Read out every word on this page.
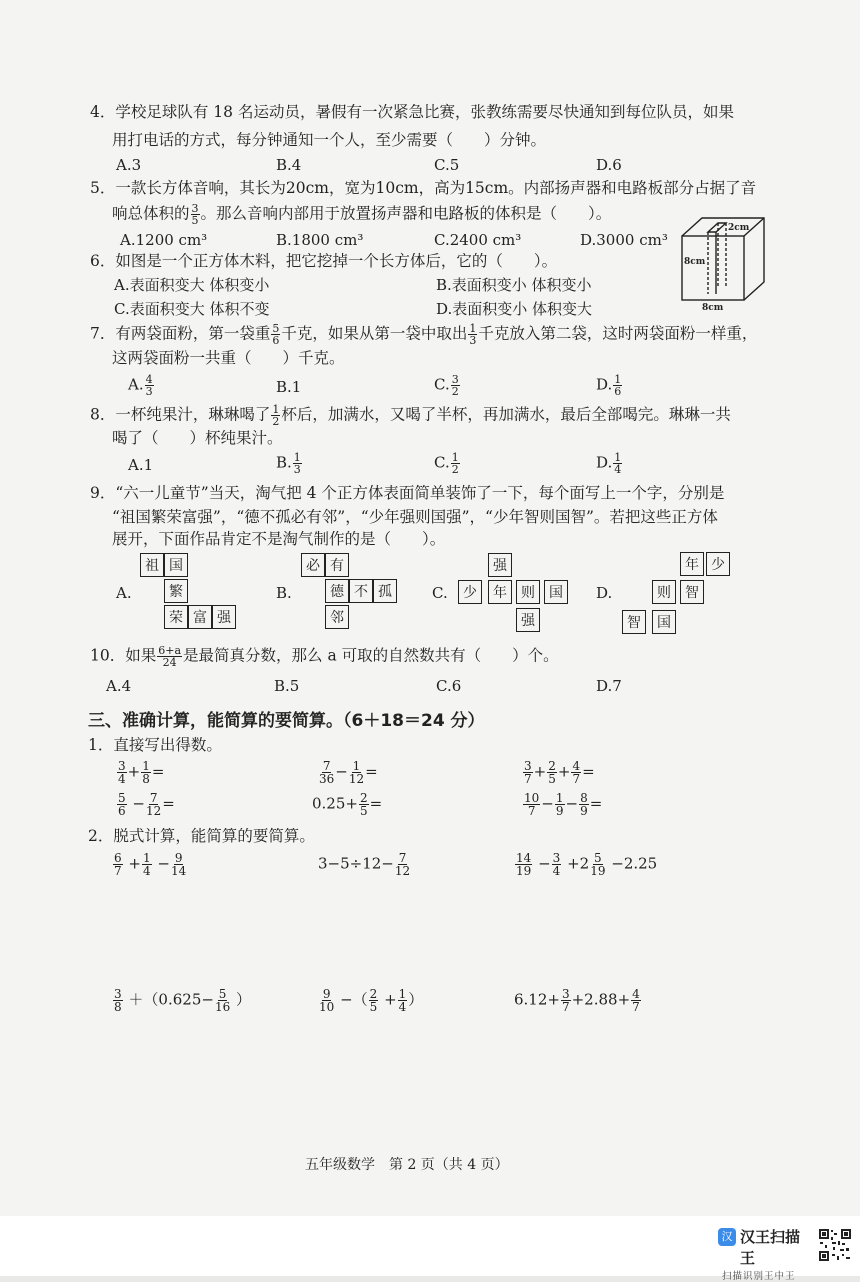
4．学校足球队有 18 名运动员，暑假有一次紧急比赛，张教练需要尽快通知到每位队员，如果
用打电话的方式，每分钟通知一个人，至少需要（　　）分钟。
A.3	B.4	C.5	D.6
5．一款长方体音响，其长为20cm，宽为10cm，高为15cm。内部扬声器和电路板部分占据了音
响总体积的 $\frac{3}{5}$ 。那么音响内部用于放置扬声器和电路板的体积是（　　）。
A.1200 cm³	B.1800 cm³	C.2400 cm³	D.3000 cm³
6．如图是一个正方体木料，把它挖掉一个长方体后，它的（　　）。
A.表面积变大 体积变小	B.表面积变小 体积变小
C.表面积变大 体积不变	D.表面积变小 体积变大
2cm
8cm
8cm
7．有两袋面粉，第一袋重 $\frac{5}{6}$ 千克，如果从第一袋中取出 $\frac{1}{3}$ 千克放入第二袋，这时两袋面粉一样重，
这两袋面粉一共重（　　）千克。
A. $\frac{4}{3}$	B.1	C. $\frac{3}{2}$	D. $\frac{1}{6}$
8．一杯纯果汁，琳琳喝了 $\frac{1}{2}$ 杯后，加满水，又喝了半杯，再加满水，最后全部喝完。琳琳一共
喝了（　　）杯纯果汁。
A.1	B. $\frac{1}{3}$	C. $\frac{1}{2}$	D. $\frac{1}{4}$
9．“六一儿童节”当天，淘气把 4 个正方体表面简单装饰了一下，每个面写上一个字，分别是
“祖国繁荣富强”，“德不孤必有邻”，“少年强则国强”，“少年智则国智”。若把这些正方体
展开，下面作品肯定不是淘气制作的是（　　）。
A.
祖 国
繁
荣 富 强
B.
必 有
德 不 孤
邻
C.
强
少	年	则	国
强
D.
年 少
则	智
智	国
10．如果 $\frac{6+a}{24}$ 是最简真分数，那么 a 可取的自然数共有（　　）个。
A.4	B.5	C.6	D.7
三、准确计算，能简算的要简算。（6＋18＝24 分）
1．直接写出得数。
$\frac{3}{4} + \frac{1}{8}$ =	$\frac{7}{36} - \frac{1}{12}$ =	$\frac{3}{7} + \frac{2}{5} + \frac{4}{7}$ =
$\frac{5}{6} - \frac{7}{12}$ =	$0.25+ \frac{2}{5}$ =	$\frac{10}{7} - \frac{1}{9} - \frac{8}{9}$ =
2．脱式计算，能简算的要简算。
$\frac{6}{7} + \frac{1}{4} - \frac{9}{14}$	$3-5\div 12- \frac{7}{12}$	$\frac{14}{19} - \frac{3}{4} +2 \frac{5}{19} -2.25$
$\frac{3}{8} +(0.625- \frac{5}{16}$ ）	$\frac{9}{10}$ −（ $\frac{2}{5} + \frac{1}{4}$ ）	$6.12+ \frac{3}{7} +2.88+ \frac{4}{7}$
五年级数学　第 2 页（共 4 页）
汉 汉王扫描王
扫描识别王中王
